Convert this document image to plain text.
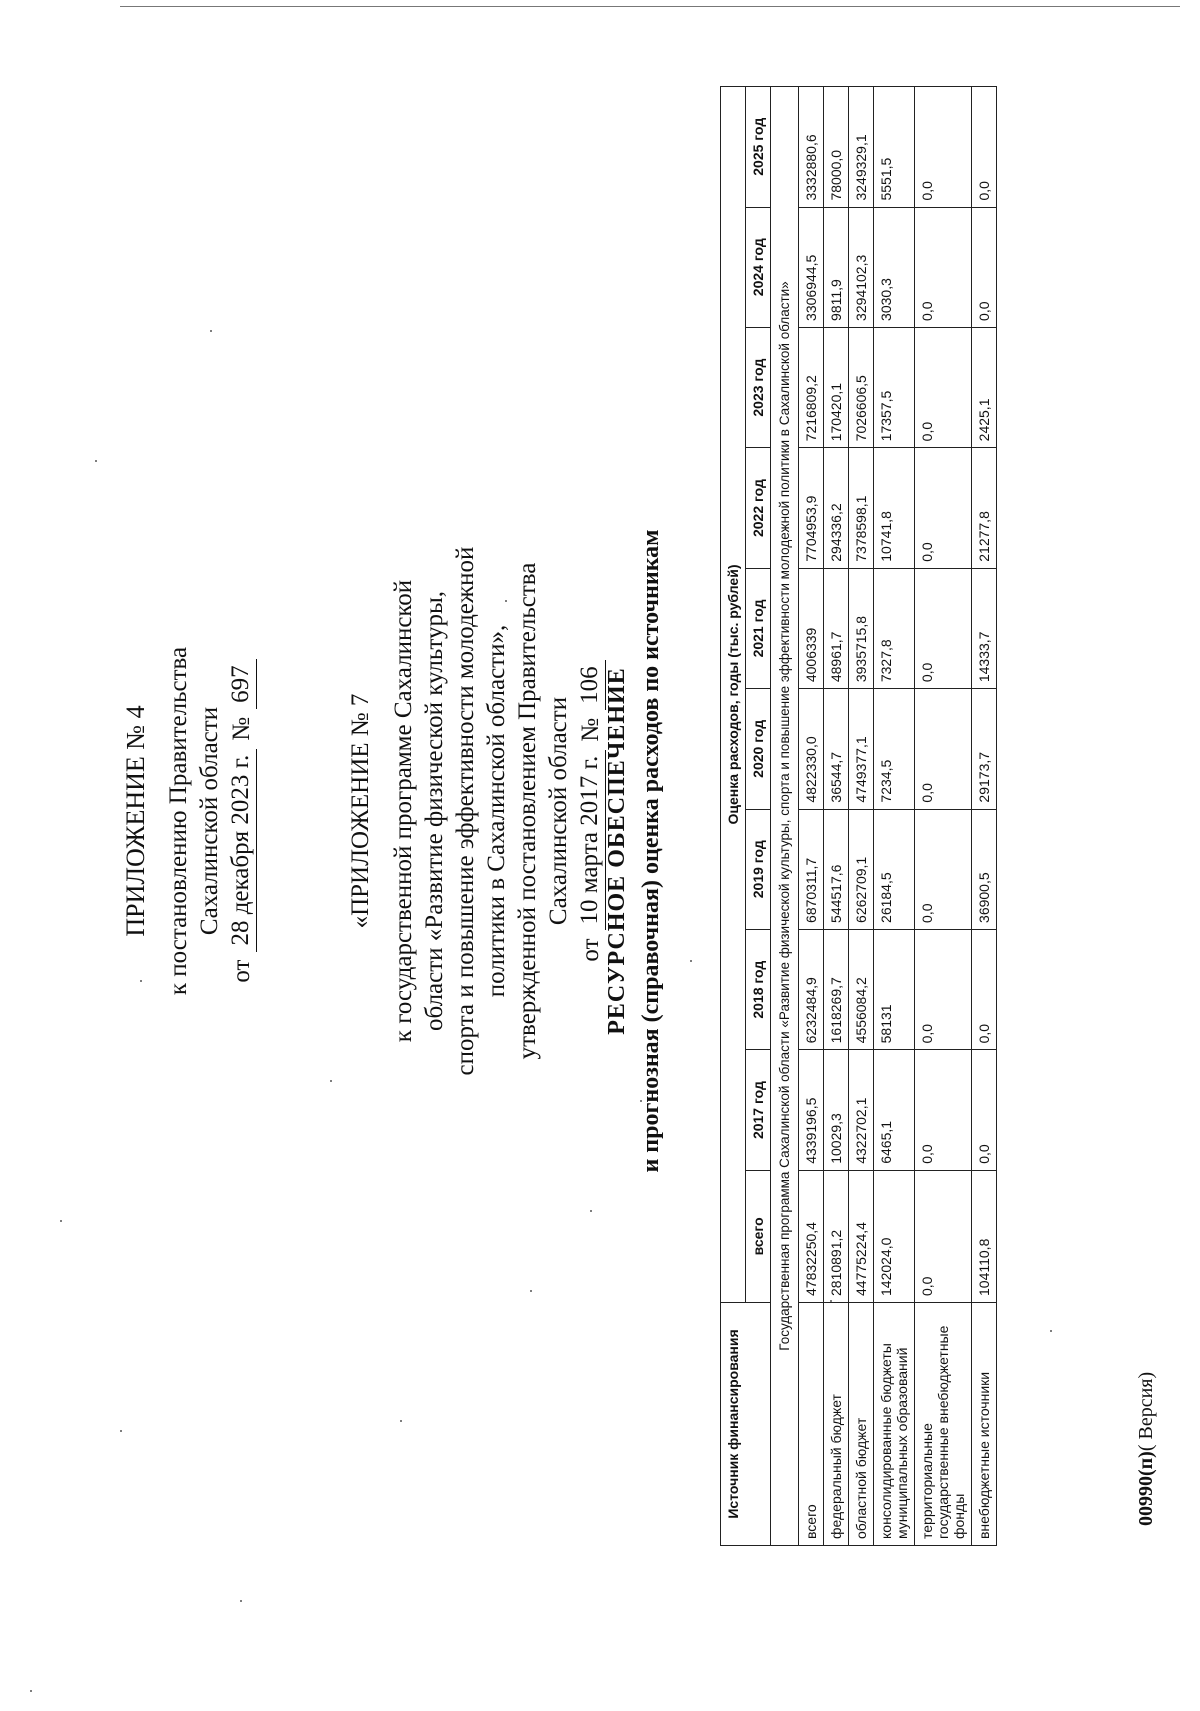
ПРИЛОЖЕНИЕ № 4 к постановлению Правительства Сахалинской области
от
28 декабря 2023 г.
№
697
«ПРИЛОЖЕНИЕ № 7 к государственной программе Сахалинской области «Развитие физической культуры, спорта и повышение эффективности молодежной политики в Сахалинской области», утвержденной постановлением Правительства Сахалинской области
от
10 марта 2017 г.
№
106 РЕСУРСНОЕ ОБЕСПЕЧЕНИЕ и прогнозная (справочная) оценка расходов по источникам
Источник финансирования	Оценка расходов, годы (тыс. рублей)									
	всего	2017 год	2018 год	2019 год	2020 год	2021 год	2022 год	2023 год	2024 год	2025 год
Государственная программа Сахалинской области «Развитие физической культуры, спорта и повышение эффективности молодежной политики в Сахалинской области»										
всего	47832250,4	4339196,5	6232484,9	6870311,7	4822330,0	4006339	7704953,9	7216809,2	3306944,5	3332880,6
федеральный бюджет	2810891,2	10029,3	1618269,7	544517,6	36544,7	48961,7	294336,2	170420,1	9811,9	78000,0
областной бюджет	44775224,4	4322702,1	4556084,2	6262709,1	4749377,1	3935715,8	7378598,1	7026606,5	3294102,3	3249329,1
консолидированные бюджеты муниципальных образований	142024,0	6465,1	58131	26184,5	7234,5	7327,8	10741,8	17357,5	3030,3	5551,5
территориальные государственные внебюджетные фонды	0,0	0,0	0,0	0,0	0,0	0,0	0,0	0,0	0,0	0,0
внебюджетные источники	104110,8	0,0	0,0	36900,5	29173,7	14333,7	21277,8	2425,1	0,0	0,0
00990(п)( Версия)
